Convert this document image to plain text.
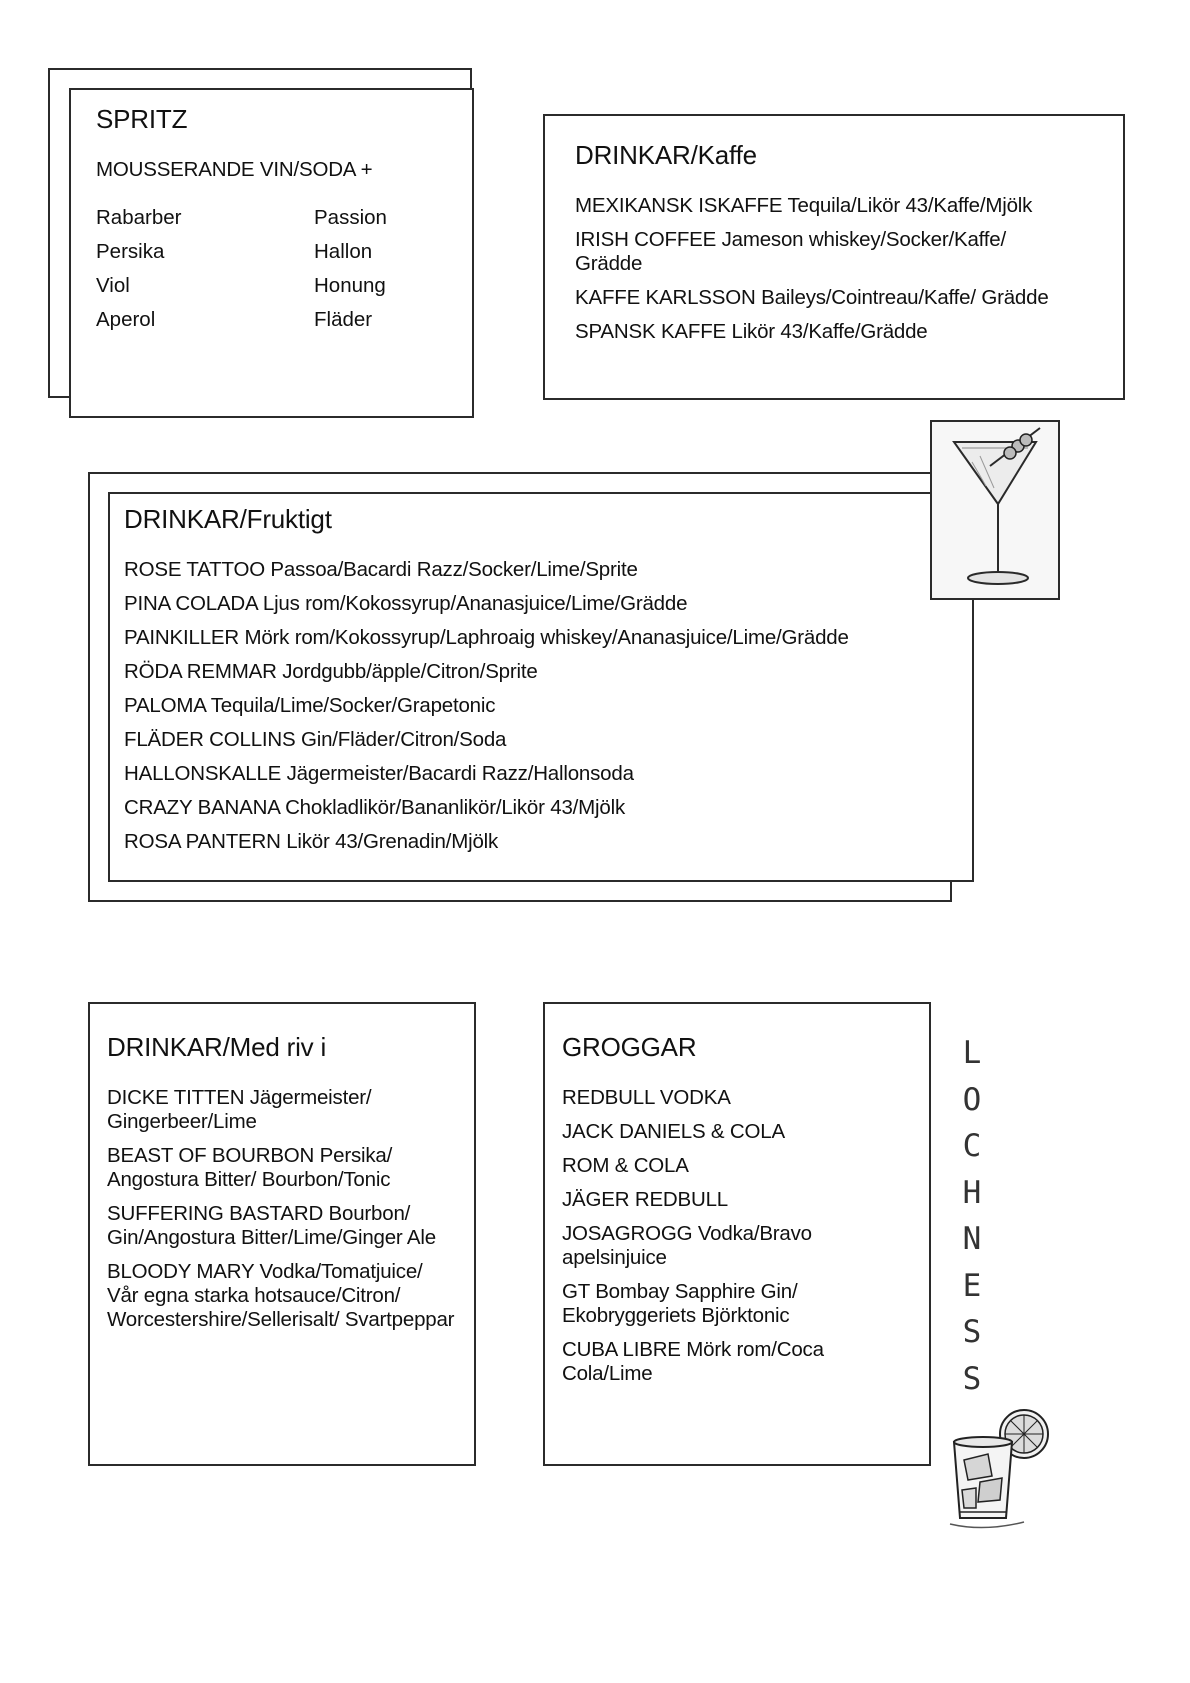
SPRITZ
MOUSSERANDE VIN/SODA +
Rabarber	Passion
Persika	Hallon
Viol	Honung
Aperol	Fläder
DRINKAR/Kaffe

MEXIKANSK ISKAFFE Tequila/Likör 43/Kaffe/Mjölk

IRISH COFFEE Jameson whiskey/Socker/Kaffe/ Grädde

KAFFE KARLSSON Baileys/Cointreau/Kaffe/ Grädde

SPANSK KAFFE Likör 43/Kaffe/Grädde

DRINKAR/Fruktigt

ROSE TATTOO Passoa/Bacardi Razz/Socker/Lime/Sprite

PINA COLADA Ljus rom/Kokossyrup/Ananasjuice/Lime/Grädde

PAINKILLER Mörk rom/Kokossyrup/Laphroaig whiskey/Ananasjuice/Lime/Grädde

RÖDA REMMAR Jordgubb/äpple/Citron/Sprite

PALOMA Tequila/Lime/Socker/Grapetonic

FLÄDER COLLINS Gin/Fläder/Citron/Soda

HALLONSKALLE Jägermeister/Bacardi Razz/Hallonsoda

CRAZY BANANA Chokladlikör/Bananlikör/Likör 43/Mjölk

ROSA PANTERN Likör 43/Grenadin/Mjölk

DRINKAR/Med riv i

DICKE TITTEN Jägermeister/ Gingerbeer/Lime

BEAST OF BOURBON Persika/ Angostura Bitter/ Bourbon/Tonic

SUFFERING BASTARD Bourbon/ Gin/Angostura Bitter/Lime/Ginger Ale

BLOODY MARY Vodka/Tomatjuice/ Vår egna starka hotsauce/Citron/ Worcestershire/Sellerisalt/ Svartpeppar

GROGGAR

REDBULL VODKA

JACK DANIELS & COLA

ROM & COLA

JÄGER REDBULL

JOSAGROGG Vodka/Bravo apelsinjuice

GT Bombay Sapphire Gin/ Ekobryggeriets Björktonic

CUBA LIBRE Mörk rom/Coca Cola/Lime

L
O
C
H
N
E
S
S
